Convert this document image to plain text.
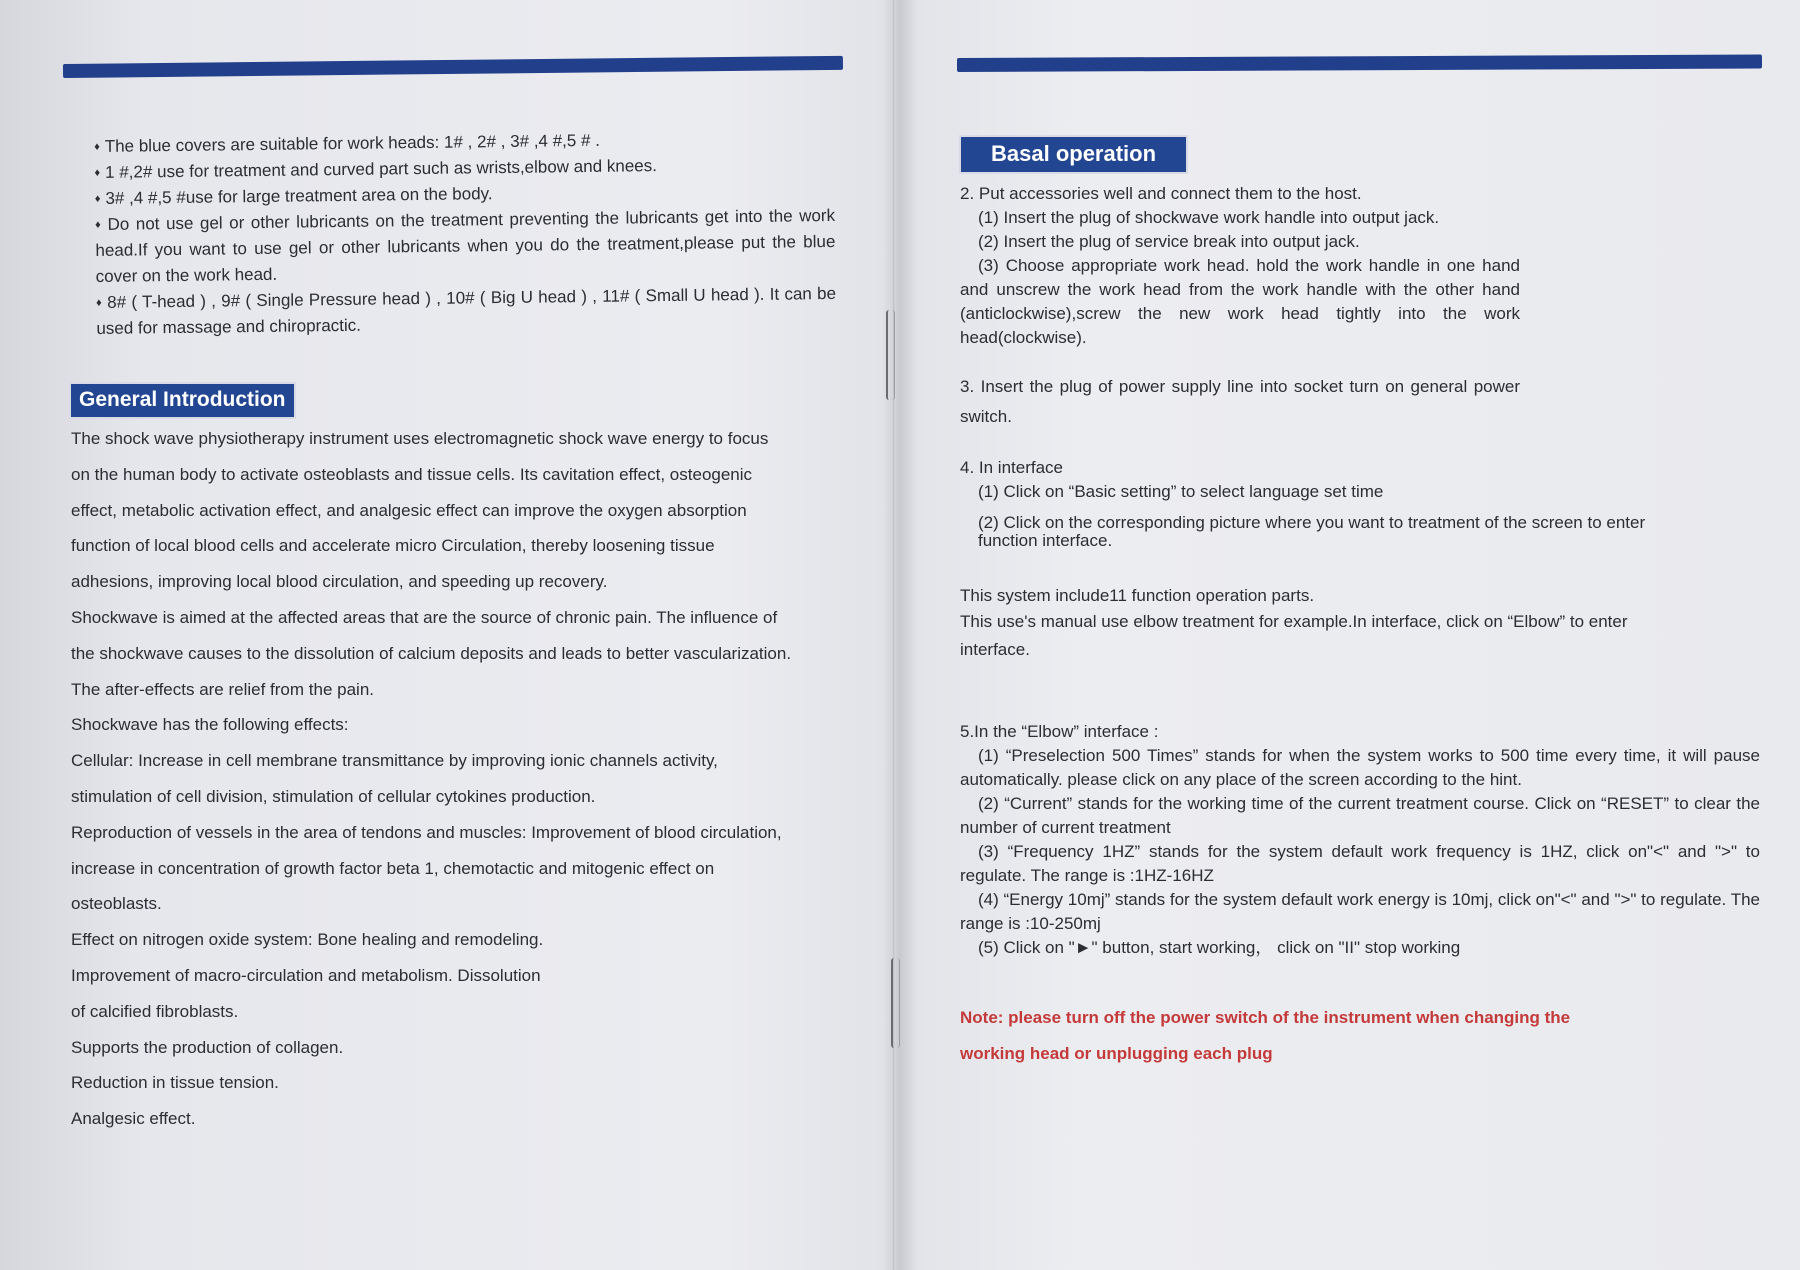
♦ The blue covers are suitable for work heads: 1# , 2# , 3# ,4 #,5 # .

♦ 1 #,2# use for treatment and curved part such as wrists,elbow and knees.

♦ 3# ,4 #,5 #use for large treatment area on the body.

♦ Do not use gel or other lubricants on the treatment preventing the lubricants get into the work head.If you want to use gel or other lubricants when you do the treatment,please put the blue cover on the work head.

♦ 8# ( T-head ) , 9# ( Single Pressure head ) , 10# ( Big U head ) , 11# ( Small U head ). It can be used for massage and chiropractic.

General Introduction

The shock wave physiotherapy instrument uses electromagnetic shock wave energy to focus

on the human body to activate osteoblasts and tissue cells. Its cavitation effect, osteogenic

effect, metabolic activation effect, and analgesic effect can improve the oxygen absorption

function of local blood cells and accelerate micro Circulation, thereby loosening tissue

adhesions, improving local blood circulation, and speeding up recovery.

Shockwave is aimed at the affected areas that are the source of chronic pain. The influence of

the shockwave causes to the dissolution of calcium deposits and leads to better vascularization.

The after-effects are relief from the pain.

Shockwave has the following effects:

Cellular: Increase in cell membrane transmittance by improving ionic channels activity,

stimulation of cell division, stimulation of cellular cytokines production.

Reproduction of vessels in the area of tendons and muscles: Improvement of blood circulation,

increase in concentration of growth factor beta 1, chemotactic and mitogenic effect on

osteoblasts.

Effect on nitrogen oxide system: Bone healing and remodeling.

Improvement of macro-circulation and metabolism. Dissolution

of calcified fibroblasts.

Supports the production of collagen.

Reduction in tissue tension.

Analgesic effect.

Basal operation

2. Put accessories well and connect them to the host.

(1) Insert the plug of shockwave work handle into output jack.

(2) Insert the plug of service break into output jack.

(3) Choose appropriate work head. hold the work handle in one hand and unscrew the work head from the work handle with the other hand (anticlockwise),screw the new work head tightly into the work head(clockwise).

3. Insert the plug of power supply line into socket turn on general power switch.

4. In interface

(1) Click on “Basic setting” to select language set time

(2) Click on the corresponding picture where you want to treatment of the screen to enter function interface.

This system include11 function operation parts.

This use's manual use elbow treatment for example.In interface, click on “Elbow” to enter interface.

5.In the “Elbow” interface :

(1) “Preselection 500 Times” stands for when the system works to 500 time every time, it will pause automatically. please click on any place of the screen according to the hint.

(2) “Current” stands for the working time of the current treatment course. Click on “RESET” to clear the number of current treatment

(3) “Frequency 1HZ” stands for the system default work frequency is 1HZ, click on"<" and ">" to regulate. The range is :1HZ-16HZ

(4) “Energy 10mj” stands for the system default work energy is 10mj, click on"<" and ">" to regulate. The range is :10-250mj

(5) Click on "►" button, start working， click on "II" stop working

Note: please turn off the power switch of the instrument when changing the

working head or unplugging each plug
